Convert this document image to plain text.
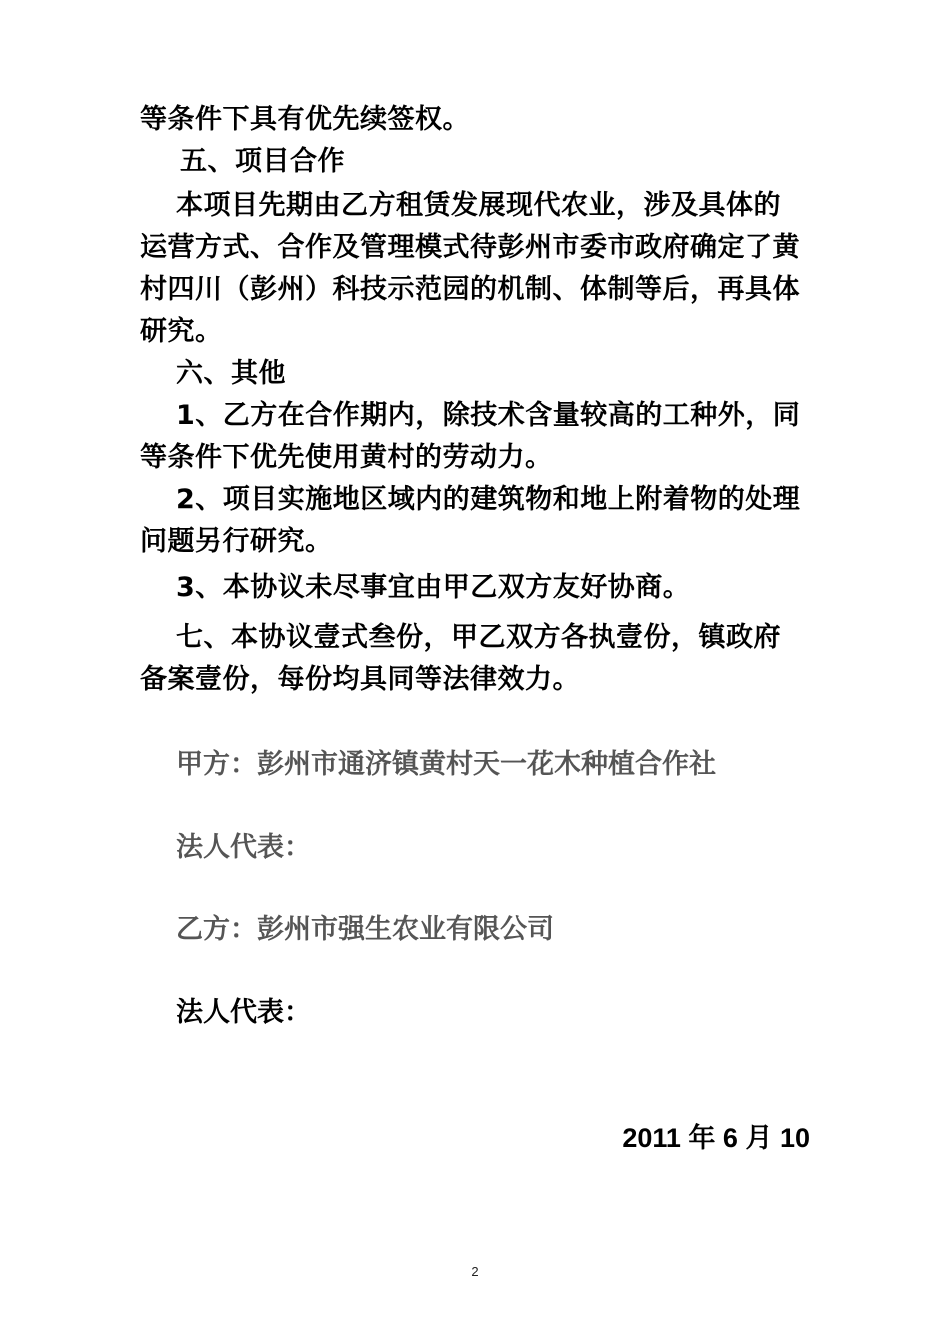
等条件下具有优先续签权。
五、项目合作
本项目先期由乙方租赁发展现代农业，涉及具体的
运营方式、合作及管理模式待彭州市委市政府确定了黄
村四川（彭州）科技示范园的机制、体制等后，再具体
研究。
六、其他
1、乙方在合作期内，除技术含量较高的工种外，同
等条件下优先使用黄村的劳动力。
2、项目实施地区域内的建筑物和地上附着物的处理
问题另行研究。
3、本协议未尽事宜由甲乙双方友好协商。
七、本协议壹式叁份，甲乙双方各执壹份，镇政府
备案壹份，每份均具同等法律效力。
甲方：彭州市通济镇黄村天一花木种植合作社
法人代表：
乙方：彭州市强生农业有限公司
法人代表：
2011 年 6 月 10
2
